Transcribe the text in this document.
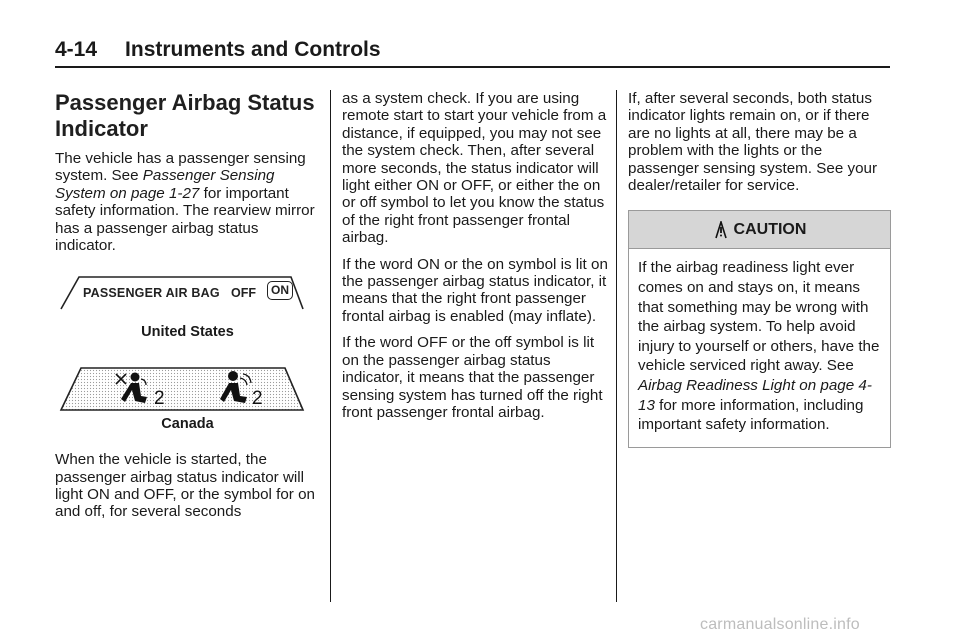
4-14 Instruments and Controls
Passenger Airbag Status
Indicator

The vehicle has a passenger sensing system. See Passenger Sensing System on page 1-27 for important safety information. The rearview mirror has a passenger airbag status indicator.

PASSENGER AIR BAG OFF	ON
United States
2	2
Canada

When the vehicle is started, the passenger airbag status indicator will light ON and OFF, or the symbol for on and off, for several seconds

as a system check. If you are using remote start to start your vehicle from a distance, if equipped, you may not see the system check. Then, after several more seconds, the status indicator will light either ON or OFF, or either the on or off symbol to let you know the status of the right front passenger frontal airbag.

If the word ON or the on symbol is lit on the passenger airbag status indicator, it means that the right front passenger frontal airbag is enabled (may inflate).

If the word OFF or the off symbol is lit on the passenger airbag status indicator, it means that the passenger sensing system has turned off the right front passenger frontal airbag.

If, after several seconds, both status indicator lights remain on, or if there are no lights at all, there may be a problem with the lights or the passenger sensing system. See your dealer/retailer for service.

CAUTION
If the airbag readiness light ever comes on and stays on, it means that something may be wrong with the airbag system. To help avoid injury to yourself or others, have the vehicle serviced right away. See Airbag Readiness Light on page 4-13 for more information, including important safety information.
carmanualsonline.info
